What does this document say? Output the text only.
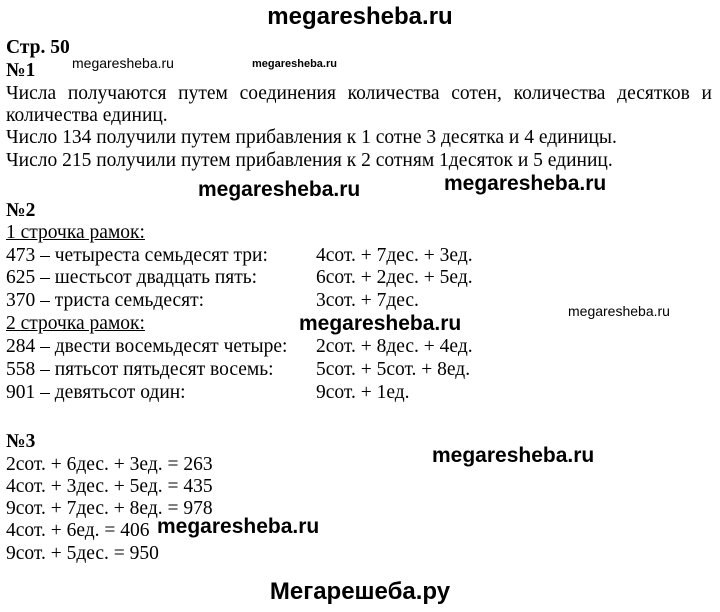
megaresheba.ru
Мегарешеба.ру
megaresheba.ru	megaresheba.ru
megaresheba.ru	megaresheba.ru
megaresheba.ru
megaresheba.ru
megaresheba.ru
megaresheba.ru
Стр. 50
№1
Числа получаются путем соединения количества сотен, количества десятков и
количества единиц.
Число 134 получили путем прибавления к 1 сотне 3 десятка и 4 единицы.
Число 215 получили путем прибавления к 2 сотням 1десяток и 5 единиц.
№2
1 строчка рамок:
473 – четыреста семьдесят три: 4сот. + 7дес. + 3ед.
625 – шестьсот двадцать пять:	6сот. + 2дес. + 5ед.
370 – триста семьдесят:	3сот. + 7дес.
2 строчка рамок:
284 – двести восемьдесят четыре: 2сот. + 8дес. + 4ед.
558 – пятьсот пятьдесят восемь: 5сот. + 5сот. + 8ед.
901 – девятьсот один:	9сот. + 1ед.
№3
2сот. + 6дес. + 3ед. = 263
4сот. + 3дес. + 5ед. = 435
9сот. + 7дес. + 8ед. = 978
4сот. + 6ед. = 406
9сот. + 5дес. = 950
